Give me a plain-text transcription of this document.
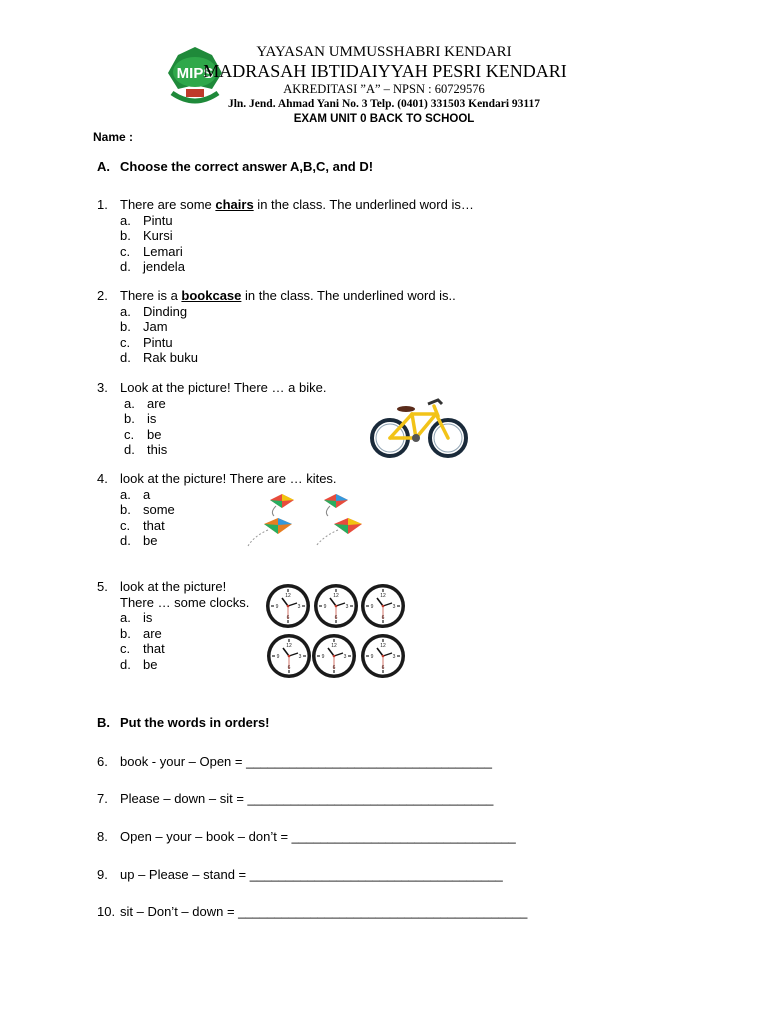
MIPS
YAYASAN UMMUSSHABRI KENDARI
MADRASAH IBTIDAIYYAH PESRI KENDARI
AKREDITASI ”A” – NPSN : 60729576
Jln. Jend. Ahmad Yani No. 3 Telp. (0401) 331503 Kendari 93117
EXAM UNIT 0 BACK TO SCHOOL
Name :
A. Choose the correct answer A,B,C, and D!
1. There are some chairs in the class. The underlined word is…
a. Pintu
b. Kursi
c. Lemari
d. jendela
2. There is a bookcase in the class. The underlined word is..
a. Dinding
b. Jam
c. Pintu
d. Rak buku
3. Look at the picture! There … a bike.
a. are
b. is
c. be
d. this
4. look at the picture! There are … kites.
a. a
b. some
c. that
d. be
5. look at the picture!
There … some clocks.
a. is
b. are
c. that
d. be
12
3
6
9
B. Put the words in orders!
6. book - your – Open = __________________________________
7. Please – down – sit = __________________________________
8. Open – your – book – don’t = _______________________________
9. up – Please – stand = ___________________________________
10. sit – Don’t – down = ________________________________________
